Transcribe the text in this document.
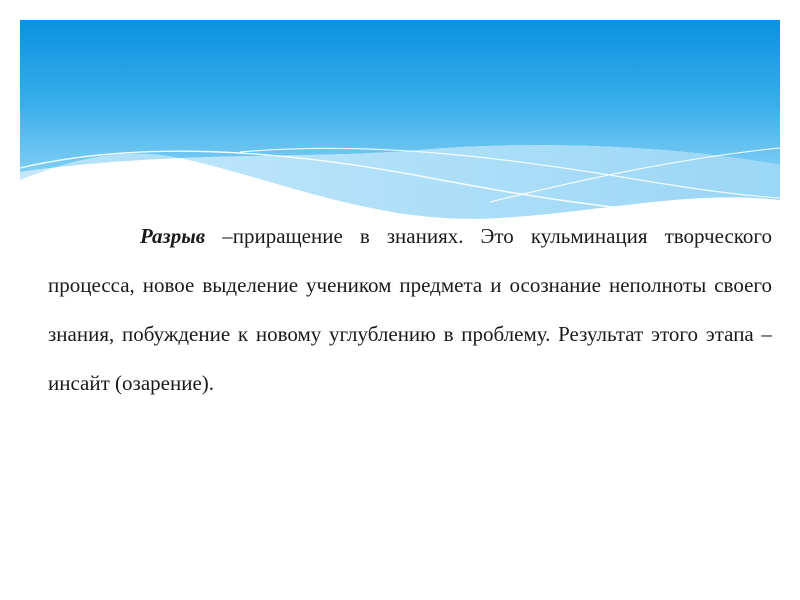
Разрыв –приращение в знаниях. Это кульминация творческого процесса, новое выделение учеником предмета и осознание неполноты своего знания, побуждение к новому углублению в проблему. Результат этого этапа – инсайт (озарение).
